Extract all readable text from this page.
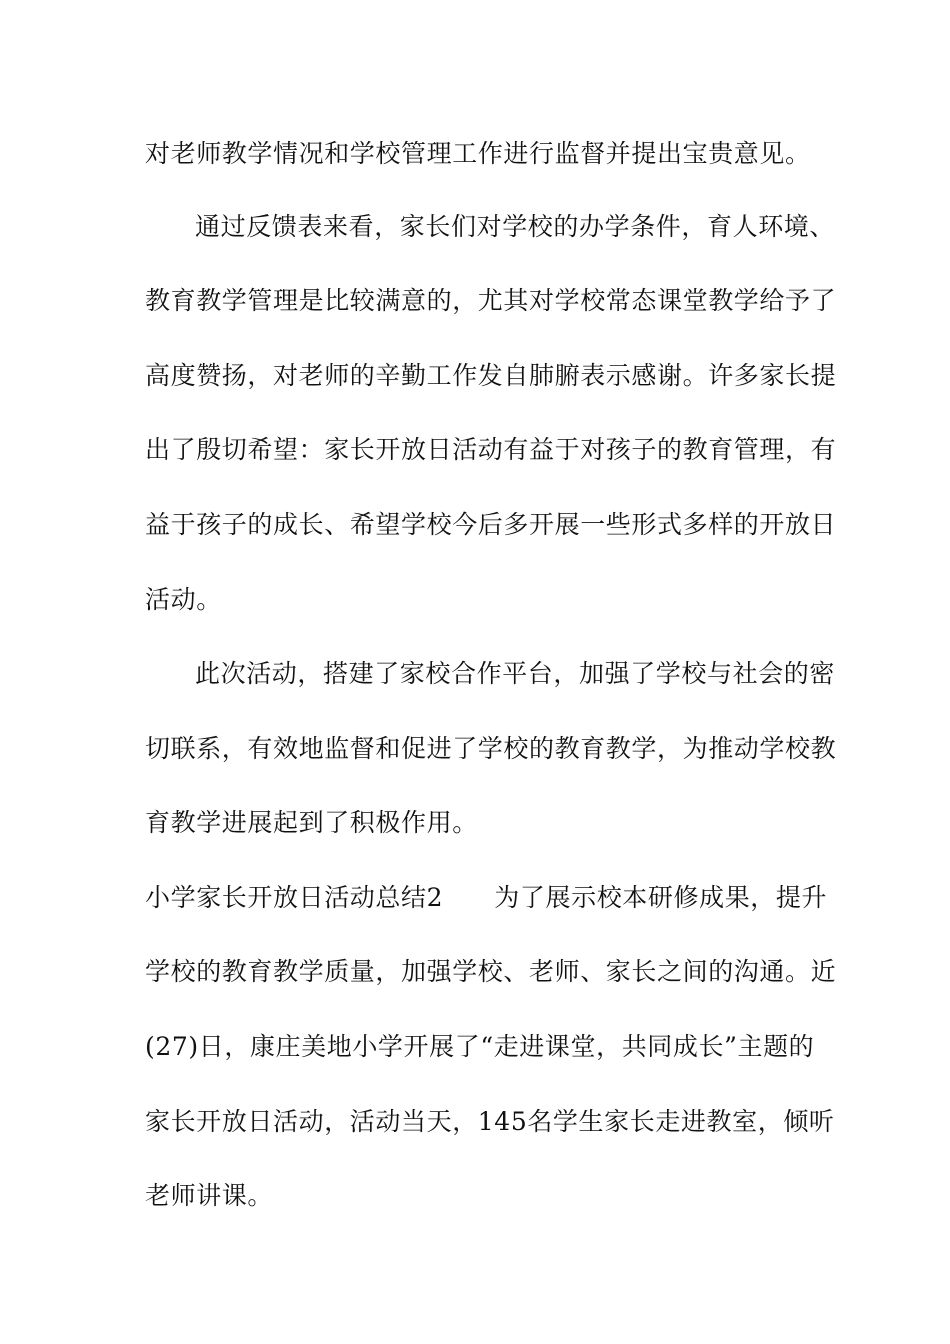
对老师教学情况和学校管理工作进行监督并提出宝贵意见。
通过反馈表来看，家长们对学校的办学条件，育人环境、
教育教学管理是比较满意的，尤其对学校常态课堂教学给予了
高度赞扬，对老师的辛勤工作发自肺腑表示感谢。许多家长提
出了殷切希望：家长开放日活动有益于对孩子的教育管理，有
益于孩子的成长、希望学校今后多开展一些形式多样的开放日
活动。
此次活动，搭建了家校合作平台，加强了学校与社会的密
切联系，有效地监督和促进了学校的教育教学，为推动学校教
育教学进展起到了积极作用。
小学家长开放日活动总结2　　为了展示校本研修成果，提升
学校的教育教学质量，加强学校、老师、家长之间的沟通。近
(27)日，康庄美地小学开展了“走进课堂，共同成长”主题的
家长开放日活动，活动当天，145名学生家长走进教室，倾听
老师讲课。
